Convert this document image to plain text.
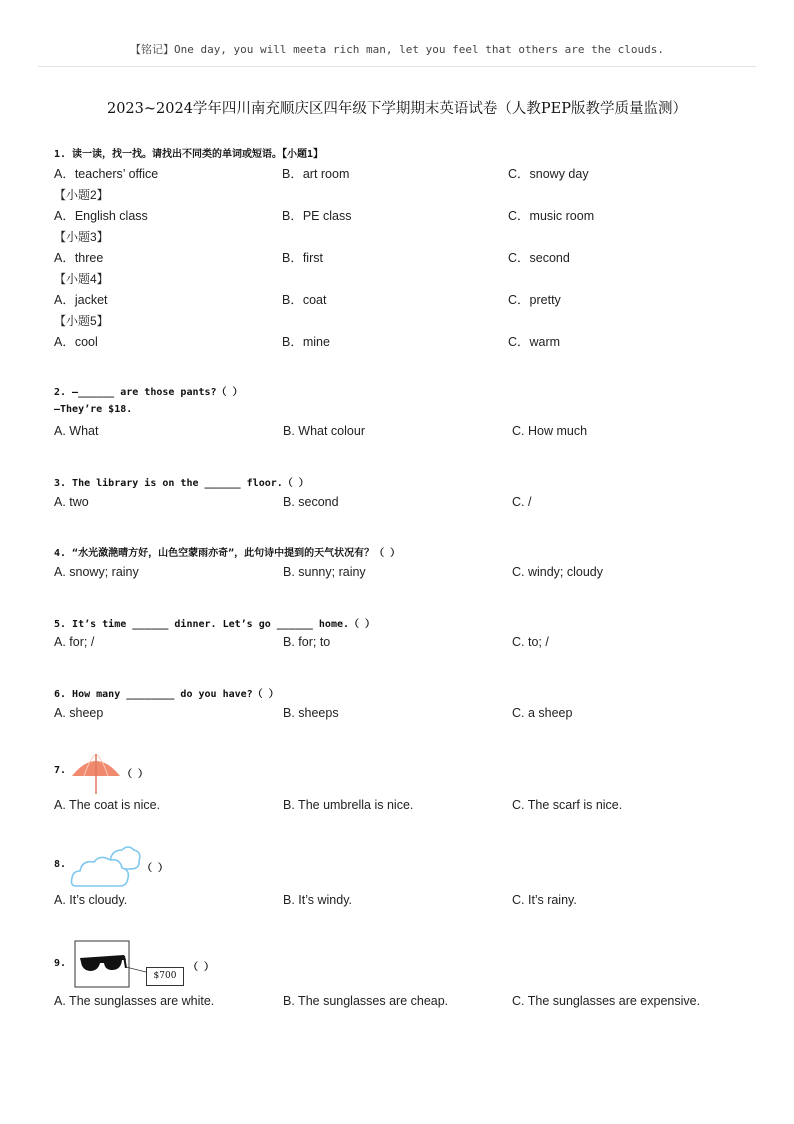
【铭记】One day, you will meeta rich man, let you feel that others are the clouds.
2023~2024学年四川南充顺庆区四年级下学期期末英语试卷（人教PEP版教学质量监测）
1. 读一读，找一找。请找出不同类的单词或短语。【小题1】
A．teachers’ office	B．art room	C．snowy day
【小题2】
A．English class	B．PE class	C．music room
【小题3】
A．three	B．first	C．second
【小题4】
A．jacket	B．coat	C．pretty
【小题5】
A．cool	B．mine	C．warm
2. —______ are those pants?（ ）
—They’re $18.
A. What	B. What colour	C. How much
3. The library is on the ______ floor.（ ）
A. two	B. second	C. /
4. “水光潋滟晴方好，山色空蒙雨亦奇”，此句诗中提到的天气状况有？（ ）
A. snowy; rainy	B. sunny; rainy	C. windy; cloudy
5. It’s time ______ dinner. Let’s go ______ home.（ ）
A. for; /	B. for; to	C. to; /
6. How many ________ do you have?（ ）
A. sheep	B. sheeps	C. a sheep
7.	（ ）
A. The coat is nice.	B. The umbrella is nice.	C. The scarf is nice.
8.	（ ）
A. It’s cloudy.	B. It’s windy.	C. It’s rainy.
9.
$700
（ ）
A. The sunglasses are white.	B. The sunglasses are cheap.	C. The sunglasses are expensive.
